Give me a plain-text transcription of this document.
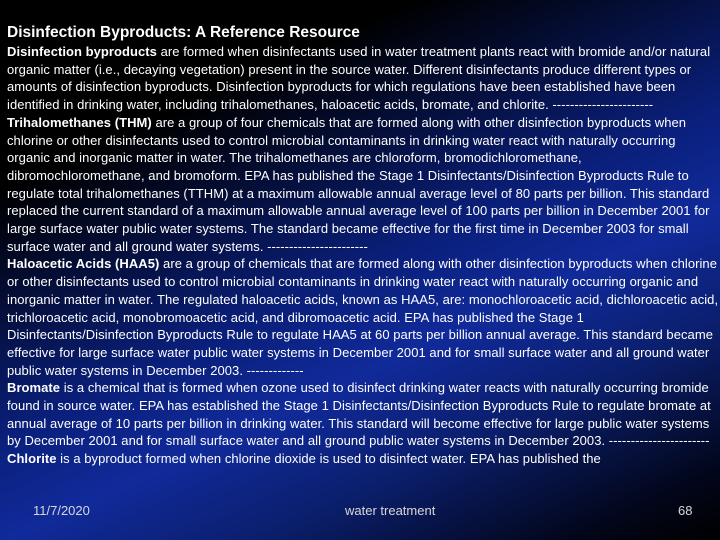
Disinfection Byproducts: A Reference Resource

Disinfection byproducts are formed when disinfectants used in water treatment plants react with bromide and/or natural organic matter (i.e., decaying vegetation) present in the source water. Different disinfectants produce different types or amounts of disinfection byproducts. Disinfection byproducts for which regulations have been established have been identified in drinking water, including trihalomethanes, haloacetic acids, bromate, and chlorite. -----------------------

Trihalomethanes (THM) are a group of four chemicals that are formed along with other disinfection byproducts when chlorine or other disinfectants used to control microbial contaminants in drinking water react with naturally occurring organic and inorganic matter in water. The trihalomethanes are chloroform, bromodichloromethane, dibromochloromethane, and bromoform. EPA has published the Stage 1 Disinfectants/Disinfection Byproducts Rule to regulate total trihalomethanes (TTHM) at a maximum allowable annual average level of 80 parts per billion. This standard replaced the current standard of a maximum allowable annual average level of 100 parts per billion in December 2001 for large surface water public water systems. The standard became effective for the first time in December 2003 for small surface water and all ground water systems. -----------------------

Haloacetic Acids (HAA5) are a group of chemicals that are formed along with other disinfection byproducts when chlorine or other disinfectants used to control microbial contaminants in drinking water react with naturally occurring organic and inorganic matter in water. The regulated haloacetic acids, known as HAA5, are: monochloroacetic acid, dichloroacetic acid, trichloroacetic acid, monobromoacetic acid, and dibromoacetic acid. EPA has published the Stage 1 Disinfectants/Disinfection Byproducts Rule to regulate HAA5 at 60 parts per billion annual average. This standard became effective for large surface water public water systems in December 2001 and for small surface water and all ground water public water systems in December 2003. -------------

Bromate is a chemical that is formed when ozone used to disinfect drinking water reacts with naturally occurring bromide found in source water. EPA has established the Stage 1 Disinfectants/Disinfection Byproducts Rule to regulate bromate at annual average of 10 parts per billion in drinking water. This standard will become effective for large public water systems by December 2001 and for small surface water and all ground public water systems in December 2003. -----------------------

Chlorite is a byproduct formed when chlorine dioxide is used to disinfect water. EPA has published the

11/7/2020	water treatment	68
